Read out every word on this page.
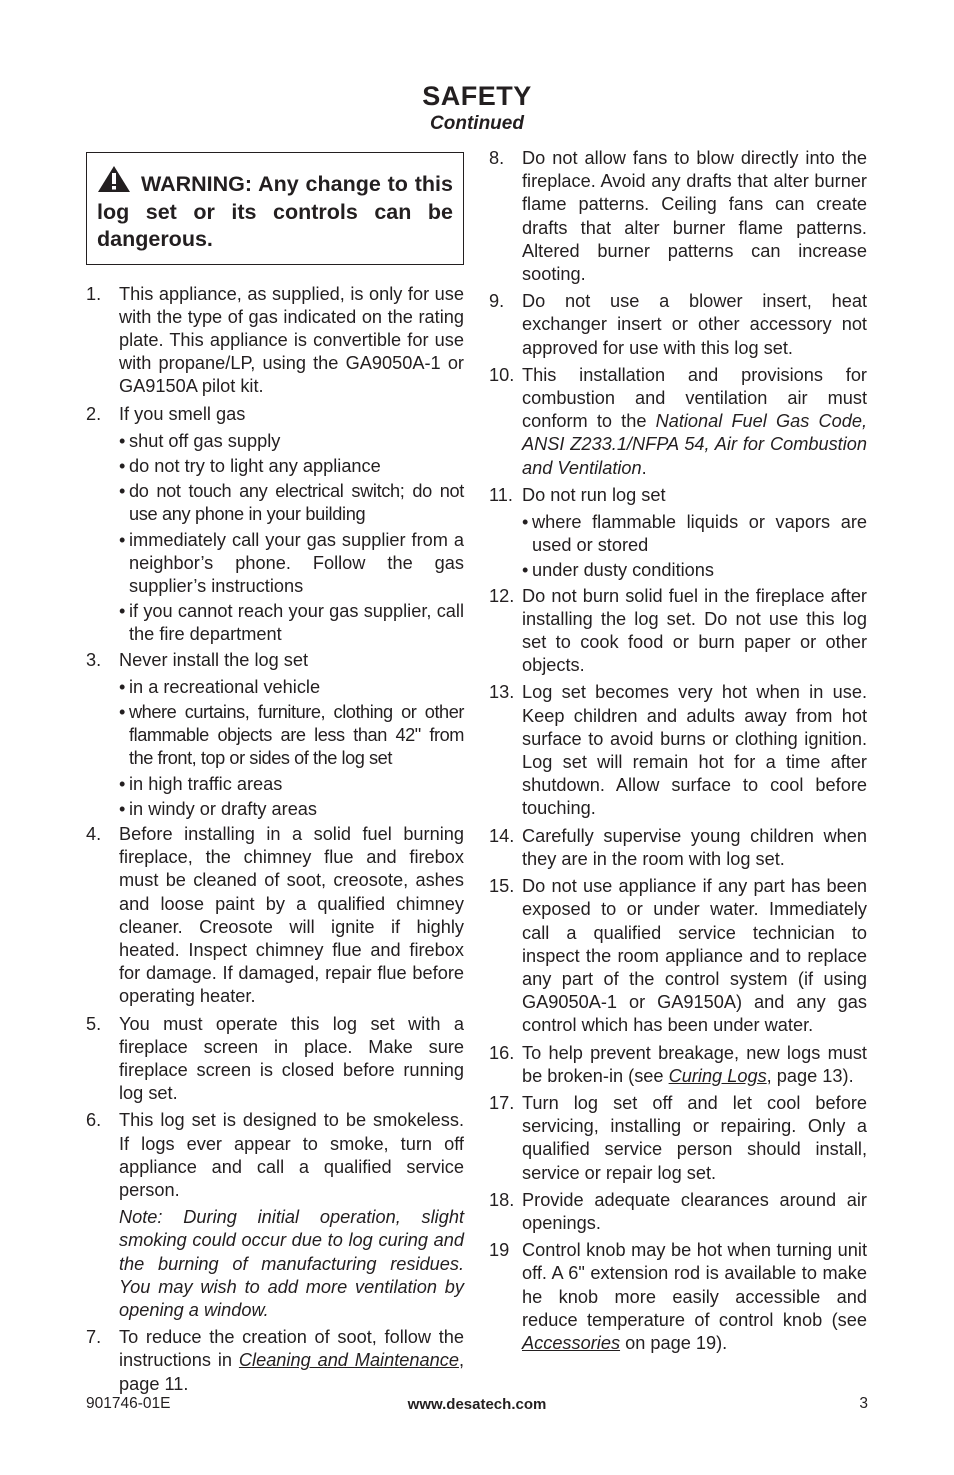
SAFETY
Continued
WARNING: Any change to this log set or its controls can be dangerous.
1. This appliance, as supplied, is only for use with the type of gas indicated on the rating plate. This appliance is convertible for use with propane/LP, using the GA9050A-1 or GA9150A pilot kit.
2. If you smell gas
• shut off gas supply
• do not try to light any appliance
• do not touch any electrical switch; do not use any phone in your building
• immediately call your gas supplier from a neighbor’s phone. Follow the gas supplier’s instructions
• if you cannot reach your gas supplier, call the fire department
3. Never install the log set
• in a recreational vehicle
• where curtains, furniture, clothing or other flammable objects are less than 42" from the front, top or sides of the log set
• in high traffic areas
• in windy or drafty areas
4. Before installing in a solid fuel burning fireplace, the chimney flue and firebox must be cleaned of soot, creosote, ashes and loose paint by a qualified chimney cleaner. Creosote will ignite if highly heated. Inspect chimney flue and firebox for damage. If damaged, repair flue before operating heater.
5. You must operate this log set with a fireplace screen in place. Make sure fireplace screen is closed before running log set.
6. This log set is designed to be smokeless. If logs ever appear to smoke, turn off appliance and call a qualified service person.
Note: During initial operation, slight smoking could occur due to log curing and the burning of manufacturing residues. You may wish to add more ventilation by opening a window.
7. To reduce the creation of soot, follow the instructions in Cleaning and Maintenance, page 11.
8. Do not allow fans to blow directly into the fireplace. Avoid any drafts that alter burner flame patterns. Ceiling fans can create drafts that alter burner flame patterns. Altered burner patterns can increase sooting.
9. Do not use a blower insert, heat exchanger insert or other accessory not approved for use with this log set.
10. This installation and provisions for combustion and ventilation air must conform to the National Fuel Gas Code, ANSI Z233.1/NFPA 54, Air for Combustion and Ventilation.
11. Do not run log set
• where flammable liquids or vapors are used or stored
• under dusty conditions
12. Do not burn solid fuel in the fireplace after installing the log set. Do not use this log set to cook food or burn paper or other objects.
13. Log set becomes very hot when in use. Keep children and adults away from hot surface to avoid burns or clothing ignition. Log set will remain hot for a time after shutdown. Allow surface to cool before touching.
14. Carefully supervise young children when they are in the room with log set.
15. Do not use appliance if any part has been exposed to or under water. Immediately call a qualified service technician to inspect the room appliance and to replace any part of the control system (if using GA9050A-1 or GA9150A) and any gas control which has been under water.
16. To help prevent breakage, new logs must be broken-in (see Curing Logs, page 13).
17. Turn log set off and let cool before servicing, installing or repairing. Only a qualified service person should install, service or repair log set.
18. Provide adequate clearances around air openings.
19 Control knob may be hot when turning unit off. A 6" extension rod is available to make he knob more easily accessible and reduce temperature of control knob (see Accessories on page 19).
901746-01E	www.desatech.com	3
